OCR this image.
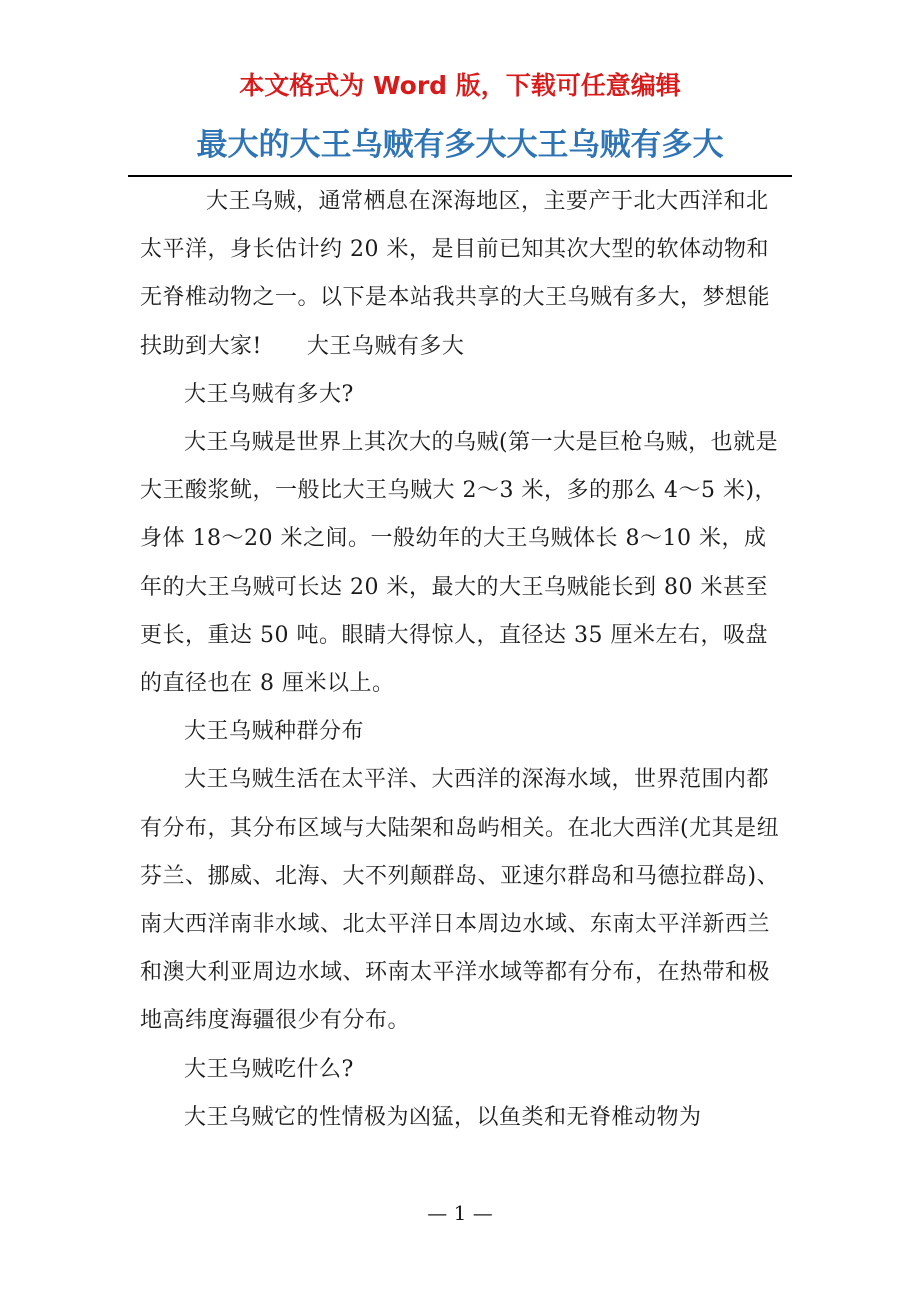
本文格式为 Word 版，下载可任意编辑
最大的大王乌贼有多大大王乌贼有多大

大王乌贼，通常栖息在深海地区，主要产于北大西洋和北太平洋，身长估计约 20 米，是目前已知其次大型的软体动物和无脊椎动物之一。以下是本站我共享的大王乌贼有多大，梦想能扶助到大家!　　大王乌贼有多大

大王乌贼有多大?

大王乌贼是世界上其次大的乌贼(第一大是巨枪乌贼，也就是大王酸浆鱿，一般比大王乌贼大 2～3 米，多的那么 4～5 米)，身体 18～20 米之间。一般幼年的大王乌贼体长 8～10 米，成年的大王乌贼可长达 20 米，最大的大王乌贼能长到 80 米甚至更长，重达 50 吨。眼睛大得惊人，直径达 35 厘米左右，吸盘的直径也在 8 厘米以上。

大王乌贼种群分布

大王乌贼生活在太平洋、大西洋的深海水域，世界范围内都有分布，其分布区域与大陆架和岛屿相关。在北大西洋(尤其是纽芬兰、挪威、北海、大不列颠群岛、亚速尔群岛和马德拉群岛)、南大西洋南非水域、北太平洋日本周边水域、东南太平洋新西兰和澳大利亚周边水域、环南太平洋水域等都有分布，在热带和极地高纬度海疆很少有分布。

大王乌贼吃什么?

大王乌贼它的性情极为凶猛，以鱼类和无脊椎动物为

— 1 —
